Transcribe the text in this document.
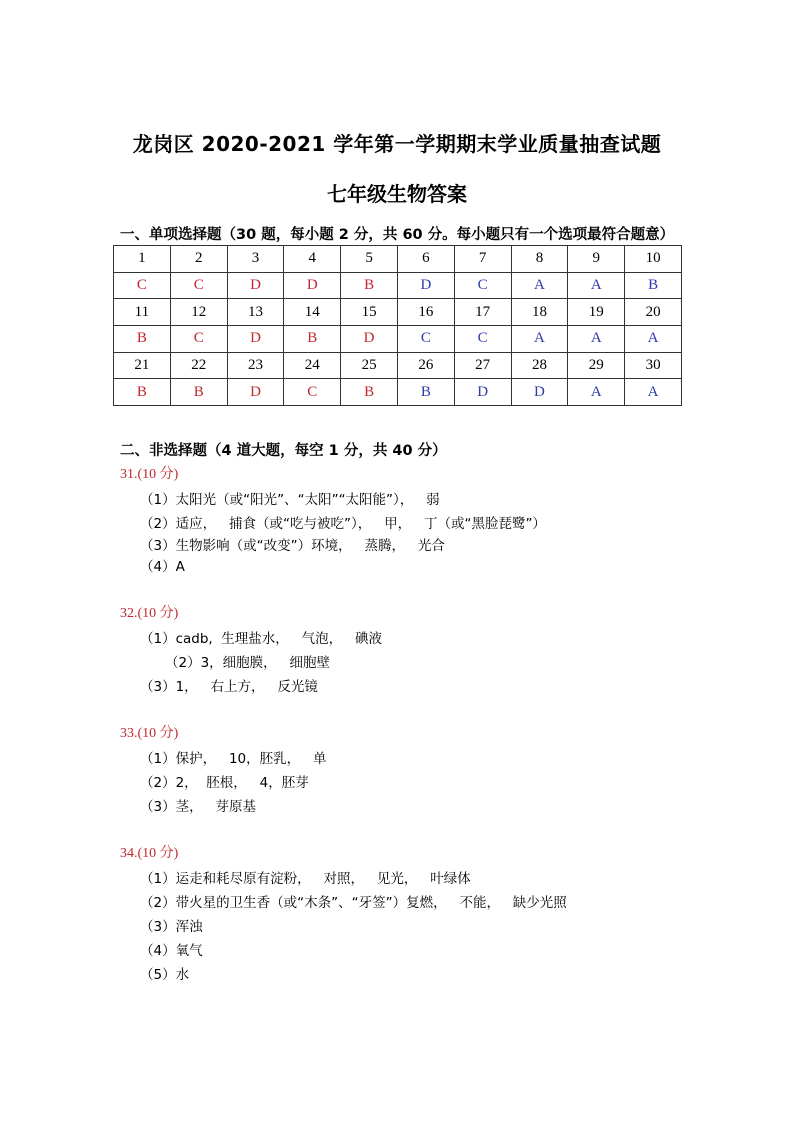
龙岗区 2020-2021 学年第一学期期末学业质量抽查试题
七年级生物答案
一、单项选择题（30 题，每小题 2 分，共 60 分。每小题只有一个选项最符合题意）
1	2	3	4	5	6	7	8	9	10
C	C	D	D	B	D	C	A	A	B
11	12	13	14	15	16	17	18	19	20
B	C	D	B	D	C	C	A	A	A
21	22	23	24	25	26	27	28	29	30
B	B	D	C	B	B	D	D	A	A
二、非选择题（4 道大题，每空 1 分，共 40 分）
31.(10 分)
（1）太阳光（或“阳光”、“太阳”“太阳能”），   弱
（2）适应，   捕食（或“吃与被吃”），   甲，   丁（或“黑脸琵鹭”）
（3）生物影响（或“改变”）环境，   蒸腾，   光合
（4）A
32.(10 分)
（1）cadb,  生理盐水，   气泡，   碘液
（2）3，细胞膜，   细胞壁
（3）1，   右上方，   反光镜
33.(10 分)
（1）保护，   10，胚乳，   单
（2）2，  胚根，   4，胚芽
（3）茎，   芽原基
34.(10 分)
（1）运走和耗尽原有淀粉，   对照，   见光，   叶绿体
（2）带火星的卫生香（或“木条”、“牙签”）复燃，   不能，   缺少光照
（3）浑浊
（4）氧气
（5）水
